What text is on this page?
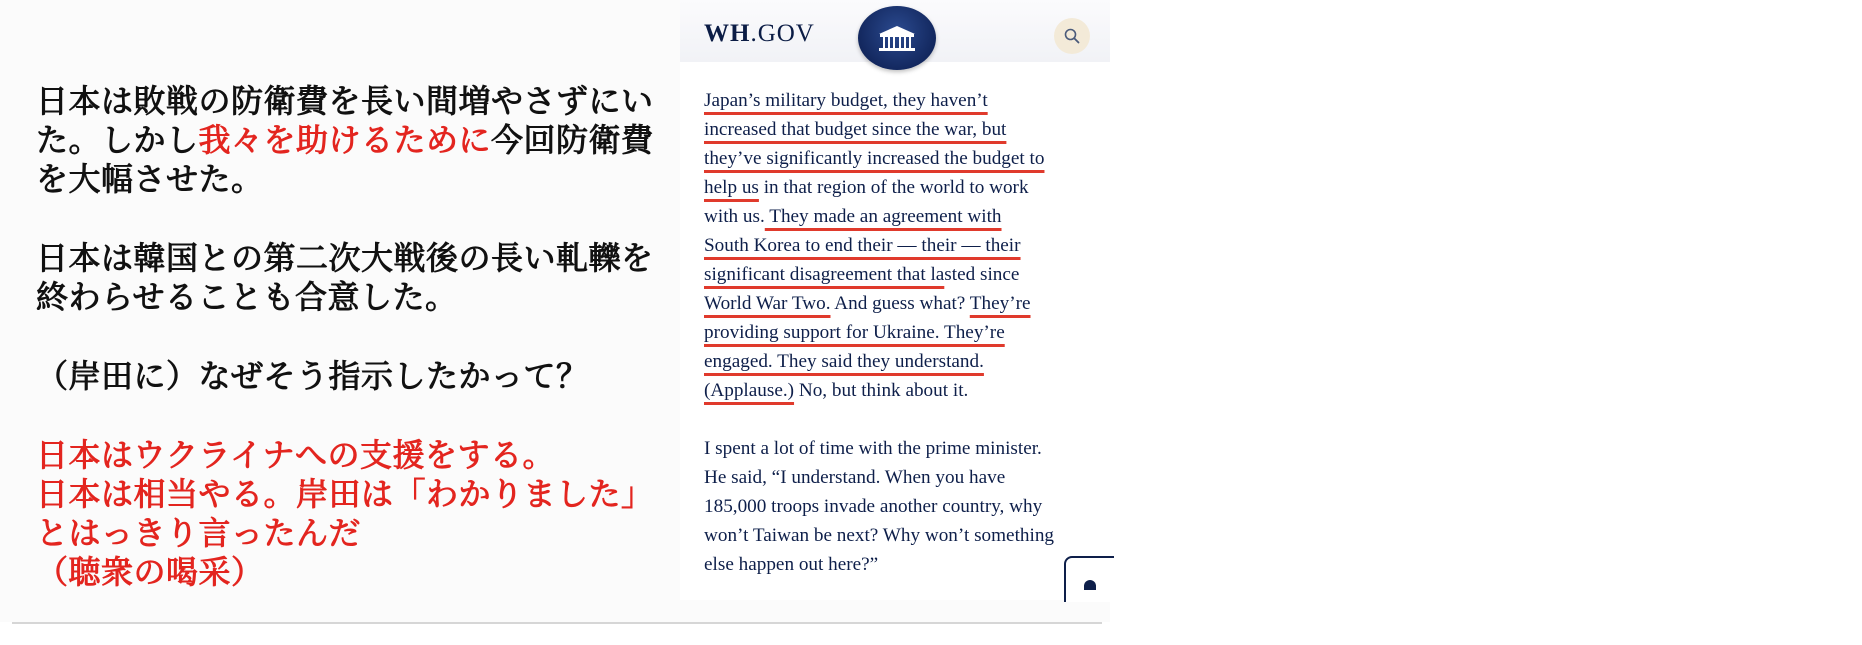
日本は敗戦の防衛費を長い間増やさずにい
た。しかし我々を助けるために今回防衛費
を大幅させた。

日本は韓国との第二次大戦後の長い軋轢を
終わらせることも合意した。

（岸田に）なぜそう指示したかって？

日本はウクライナへの支援をする。
日本は相当やる。岸田は「わかりました」
とはっきり言ったんだ
（聴衆の喝采）

WH.GOV
Japan’s military budget, they haven’t
increased that budget since the war, but
they’ve significantly increased the budget to
help us in that region of the world to work
with us. They made an agreement with
South Korea to end their — their — their
significant disagreement that lasted since
World War Two. And guess what? They’re
providing support for Ukraine. They’re
engaged. They said they understand.
(Applause.) No, but think about it.
I spent a lot of time with the prime minister.
He said, “I understand. When you have
185,000 troops invade another country, why
won’t Taiwan be next? Why won’t something
else happen out here?”
